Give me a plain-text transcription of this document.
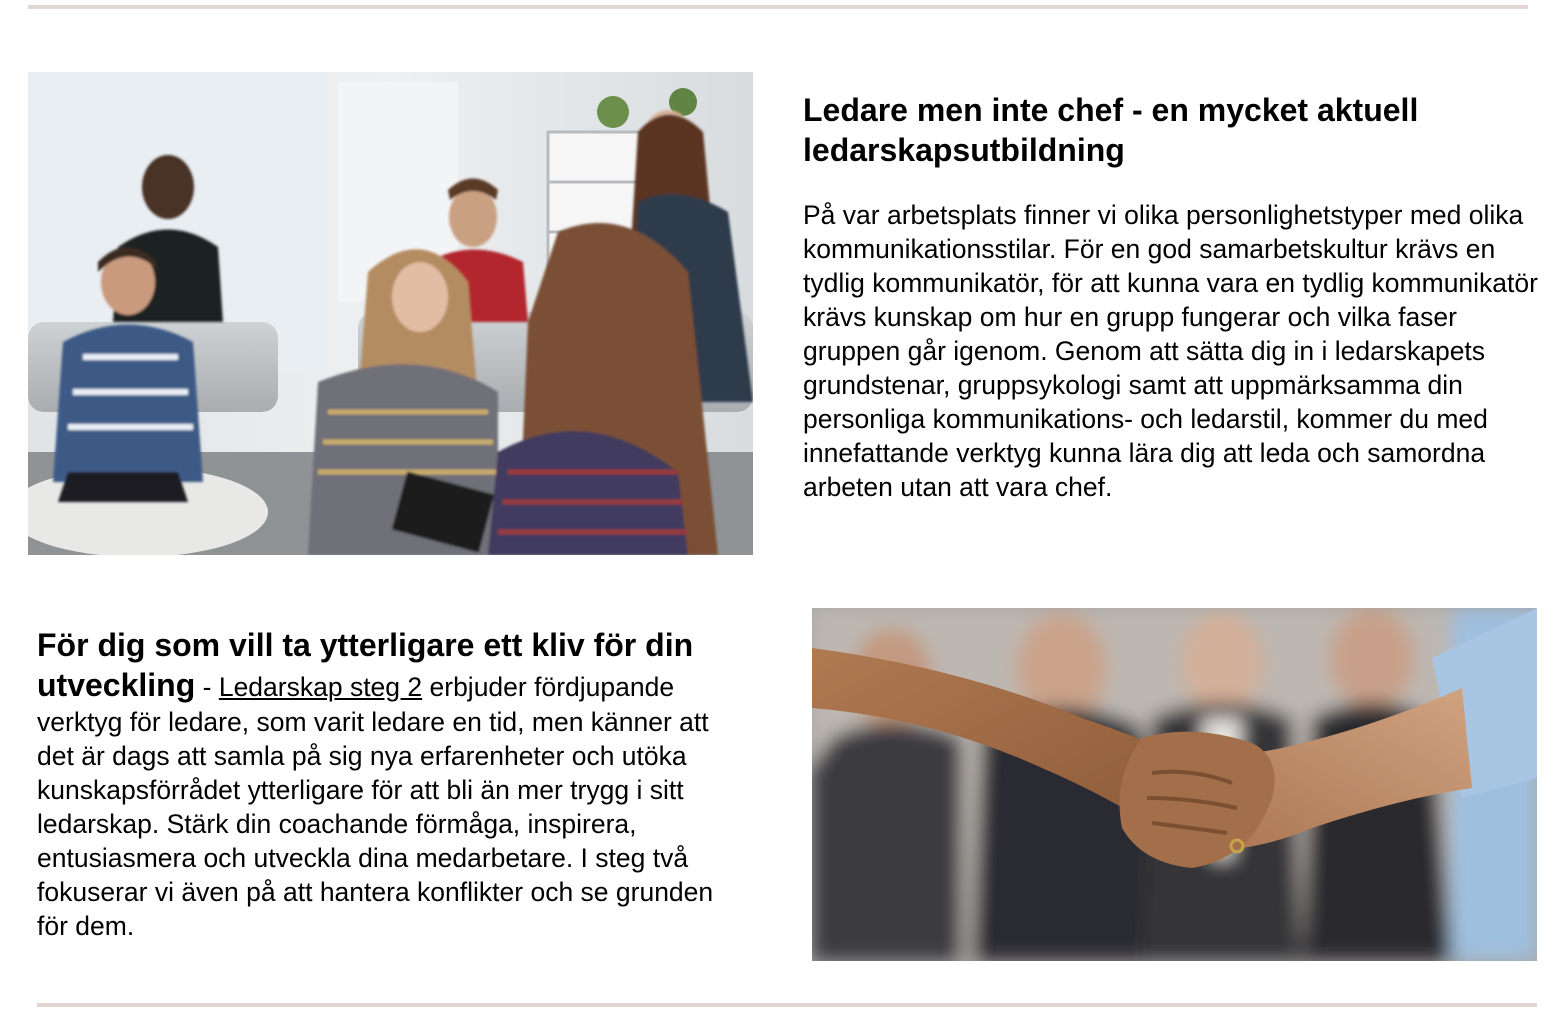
Ledare men inte chef - en mycket aktuell ledarskapsutbildning

På var arbetsplats finner vi olika personlighetstyper med olika kommunikationsstilar. För en god samarbetskultur krävs en tydlig kommunikatör, för att kunna vara en tydlig kommunikatör krävs kunskap om hur en grupp fungerar och vilka faser gruppen går igenom. Genom att sätta dig in i ledarskapets grundstenar, gruppsykologi samt att uppmärksamma din personliga kommunikations- och ledarstil, kommer du med innefattande verktyg kunna lära dig att leda och samordna arbeten utan att vara chef.

För dig som vill ta ytterligare ett kliv för din utveckling - Ledarskap steg 2 erbjuder fördjupande verktyg för ledare, som varit ledare en tid, men känner att det är dags att samla på sig nya erfarenheter och utöka kunskapsförrådet ytterligare för att bli än mer trygg i sitt ledarskap. Stärk din coachande förmåga, inspirera, entusiasmera och utveckla dina medarbetare. I steg två fokuserar vi även på att hantera konflikter och se grunden för dem.
